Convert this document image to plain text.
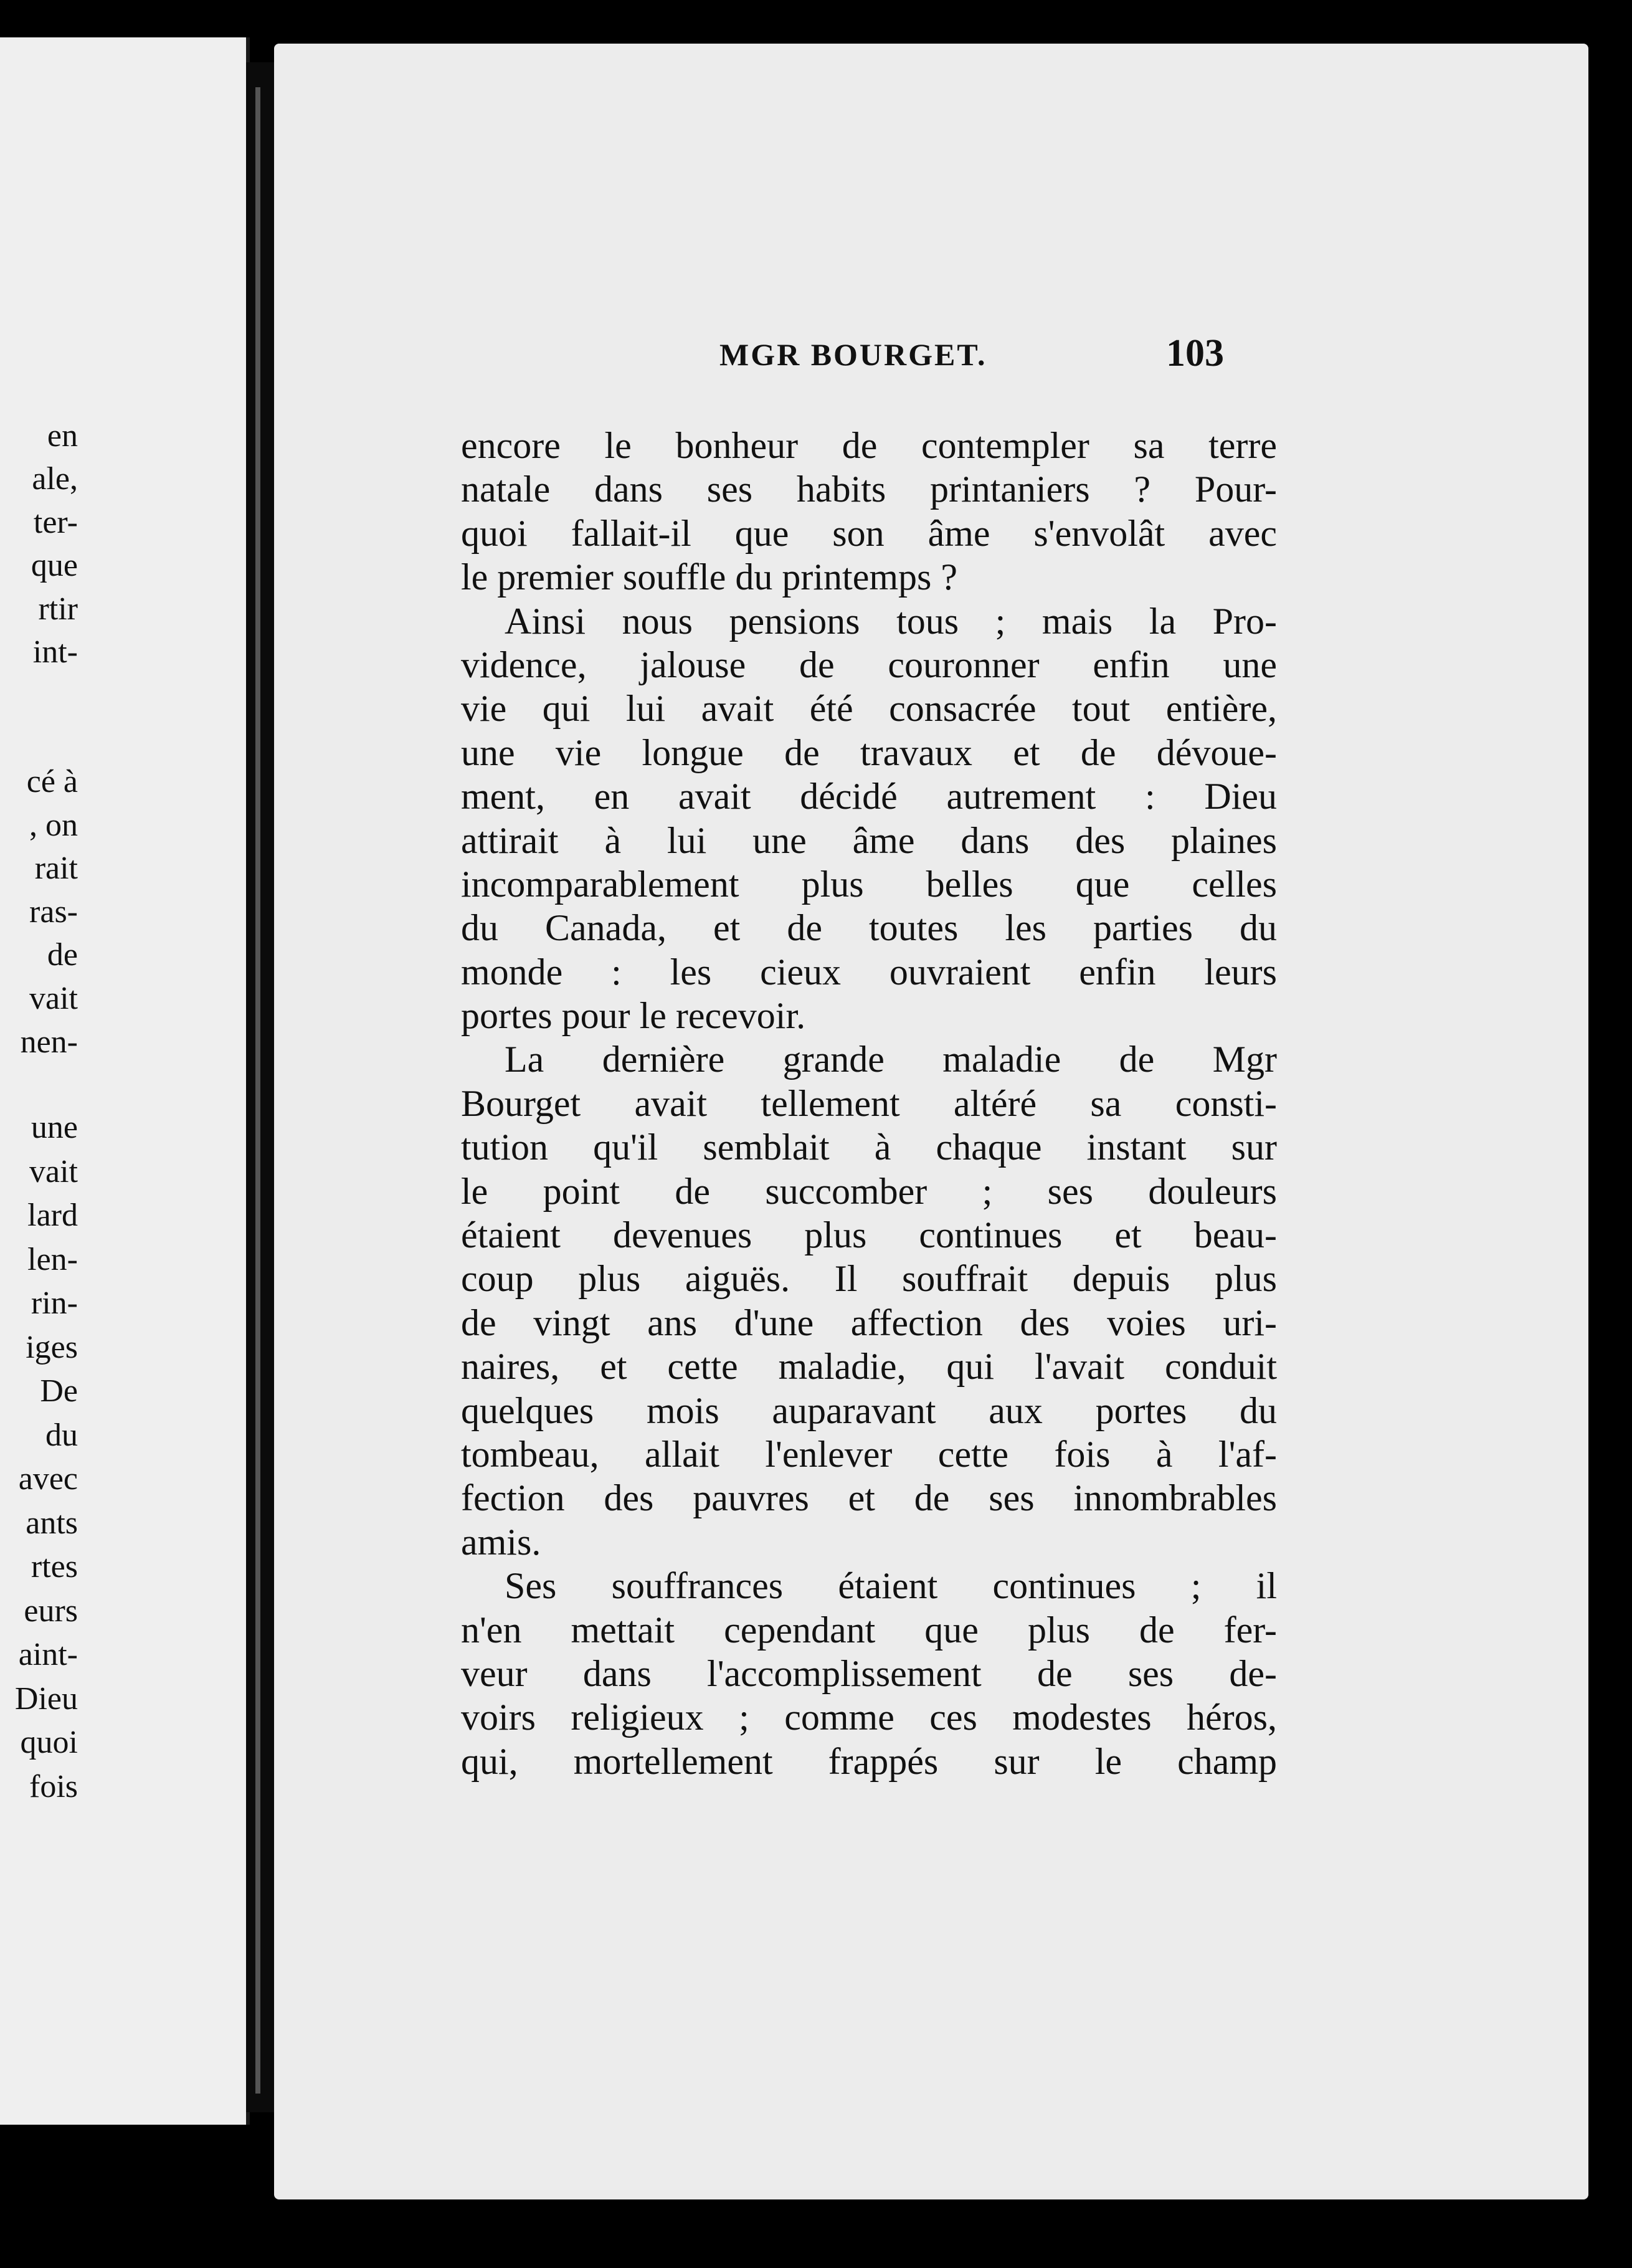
en
ale,
ter-
que
rtir
int-
cé à
, on
rait
ras-
de
vait
nen-
une
vait
lard
len-
rin-
iges
De
du
avec
ants
rtes
eurs
aint-
Dieu
quoi
fois
MGR BOURGET.	103
encore le bonheur de contempler sa terre
natale dans ses habits printaniers ? Pour-
quoi fallait-il que son âme s'envolât avec
le premier souffle du printemps ?
Ainsi nous pensions tous ; mais la Pro-
vidence, jalouse de couronner enfin une
vie qui lui avait été consacrée tout entière,
une vie longue de travaux et de dévoue-
ment, en avait décidé autrement : Dieu
attirait à lui une âme dans des plaines
incomparablement plus belles que celles
du Canada, et de toutes les parties du
monde : les cieux ouvraient enfin leurs
portes pour le recevoir.
La dernière grande maladie de Mgr
Bourget avait tellement altéré sa consti-
tution qu'il semblait à chaque instant sur
le point de succomber ; ses douleurs
étaient devenues plus continues et beau-
coup plus aiguës. Il souffrait depuis plus
de vingt ans d'une affection des voies uri-
naires, et cette maladie, qui l'avait conduit
quelques mois auparavant aux portes du
tombeau, allait l'enlever cette fois à l'af-
fection des pauvres et de ses innombrables
amis.
Ses souffrances étaient continues ; il
n'en mettait cependant que plus de fer-
veur dans l'accomplissement de ses de-
voirs religieux ; comme ces modestes héros,
qui, mortellement frappés sur le champ
